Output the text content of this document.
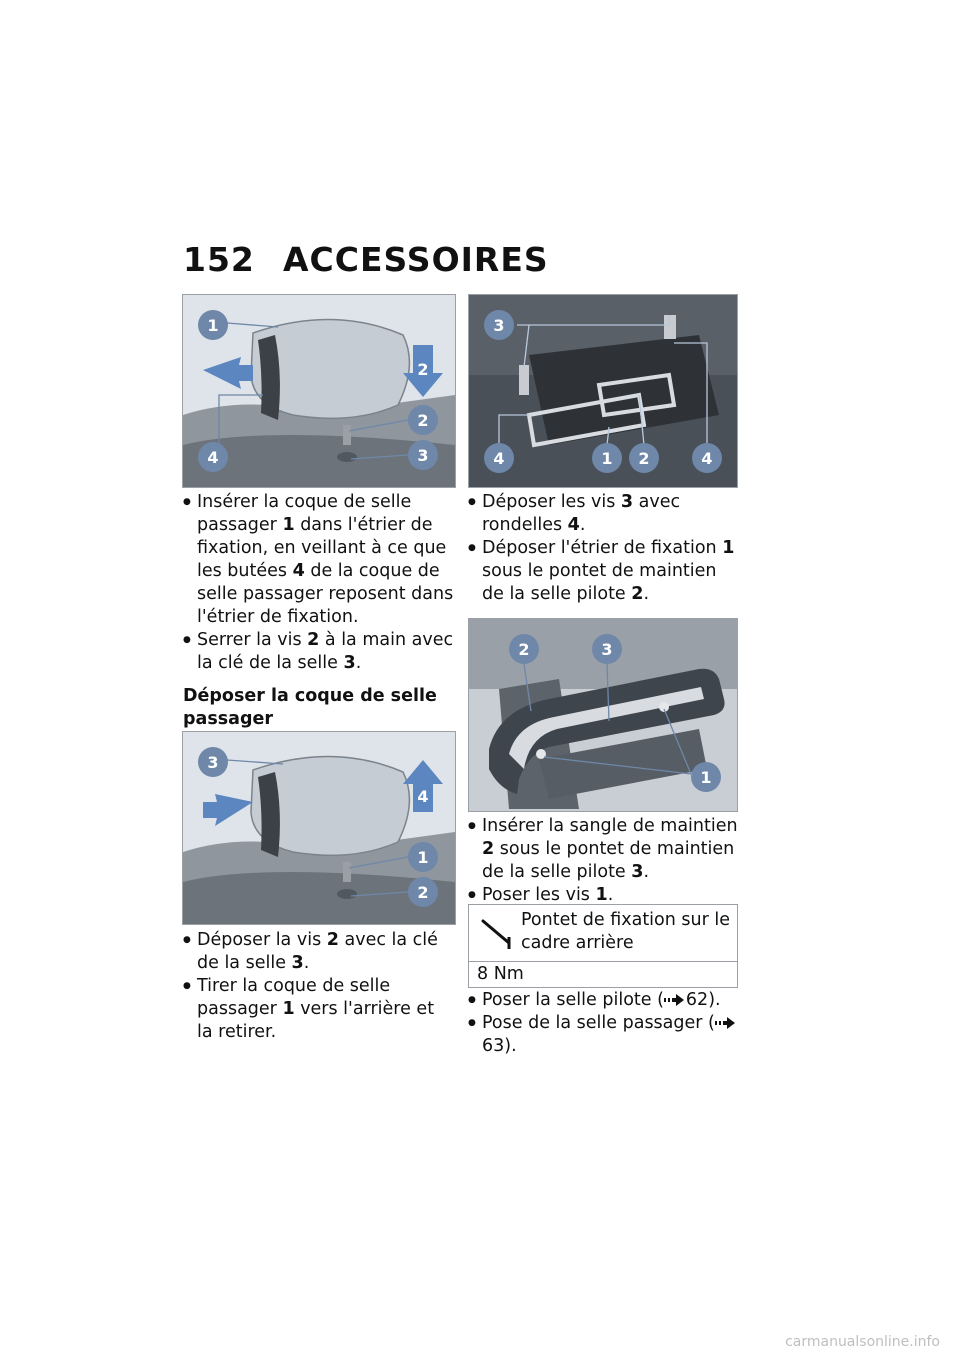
152 ACCESSOIRES
1
2
3
4
2
● Insérer la coque de selle passager 1 dans l'étrier de fixation, en veillant à ce que les butées 4 de la coque de selle passager reposent dans l'étrier de fixation.
● Serrer la vis 2 à la main avec la clé de la selle 3.
Déposer la coque de selle passager
3
1
2
4
● Déposer la vis 2 avec la clé de la selle 3.
● Tirer la coque de selle passager 1 vers l'arrière et la retirer.
3
4	1 2	4
● Déposer les vis 3 avec rondelles 4.
● Déposer l'étrier de fixation 1 sous le pontet de maintien de la selle pilote 2.
2	3
1
● Insérer la sangle de maintien 2 sous le pontet de maintien de la selle pilote 3.
● Poser les vis 1.
Pontet de fixation sur le cadre arrière
8 Nm
● Poser la selle pilote ( 62).
● Pose de la selle passager (63).
carmanualsonline.info
